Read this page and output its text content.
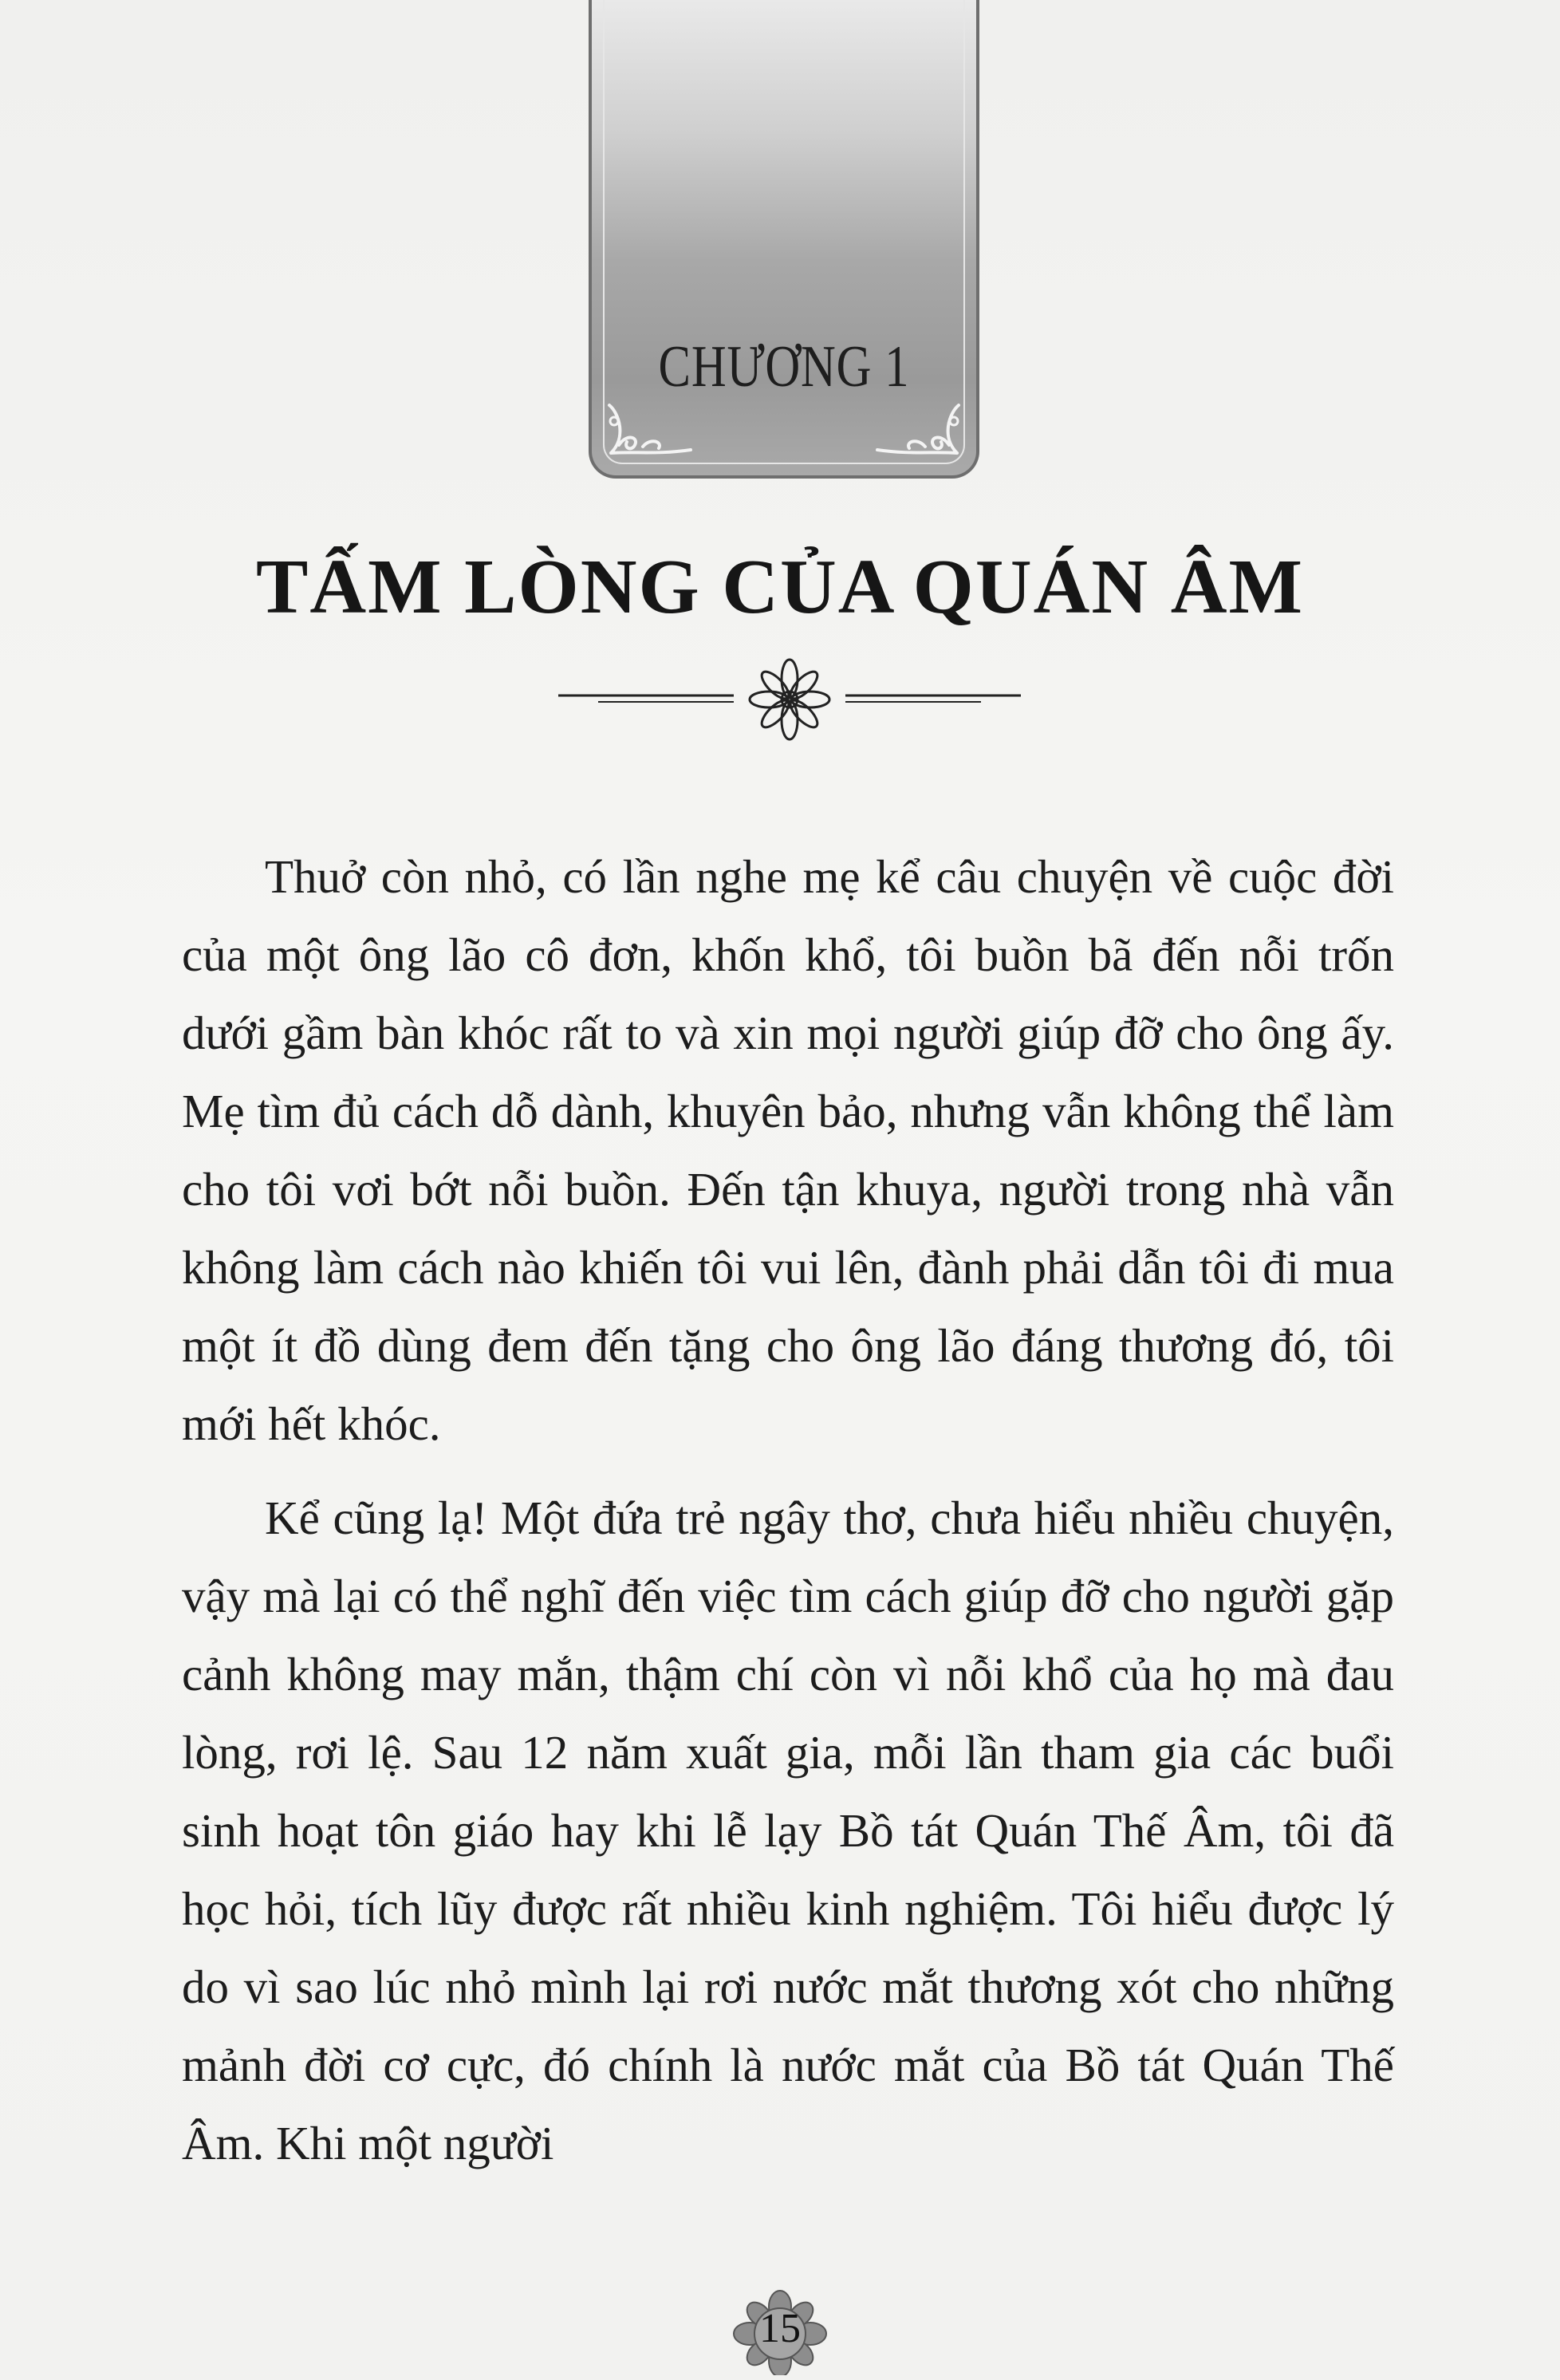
CHƯƠNG 1
TẤM LÒNG CỦA QUÁN ÂM

Thuở còn nhỏ, có lần nghe mẹ kể câu chuyện về cuộc đời của một ông lão cô đơn, khốn khổ, tôi buồn bã đến nỗi trốn dưới gầm bàn khóc rất to và xin mọi người giúp đỡ cho ông ấy. Mẹ tìm đủ cách dỗ dành, khuyên bảo, nhưng vẫn không thể làm cho tôi vơi bớt nỗi buồn. Đến tận khuya, người trong nhà vẫn không làm cách nào khiến tôi vui lên, đành phải dẫn tôi đi mua một ít đồ dùng đem đến tặng cho ông lão đáng thương đó, tôi mới hết khóc.

Kể cũng lạ! Một đứa trẻ ngây thơ, chưa hiểu nhiều chuyện, vậy mà lại có thể nghĩ đến việc tìm cách giúp đỡ cho người gặp cảnh không may mắn, thậm chí còn vì nỗi khổ của họ mà đau lòng, rơi lệ. Sau 12 năm xuất gia, mỗi lần tham gia các buổi sinh hoạt tôn giáo hay khi lễ lạy Bồ tát Quán Thế Âm, tôi đã học hỏi, tích lũy được rất nhiều kinh nghiệm. Tôi hiểu được lý do vì sao lúc nhỏ mình lại rơi nước mắt thương xót cho những mảnh đời cơ cực, đó chính là nước mắt của Bồ tát Quán Thế Âm. Khi một người

15
